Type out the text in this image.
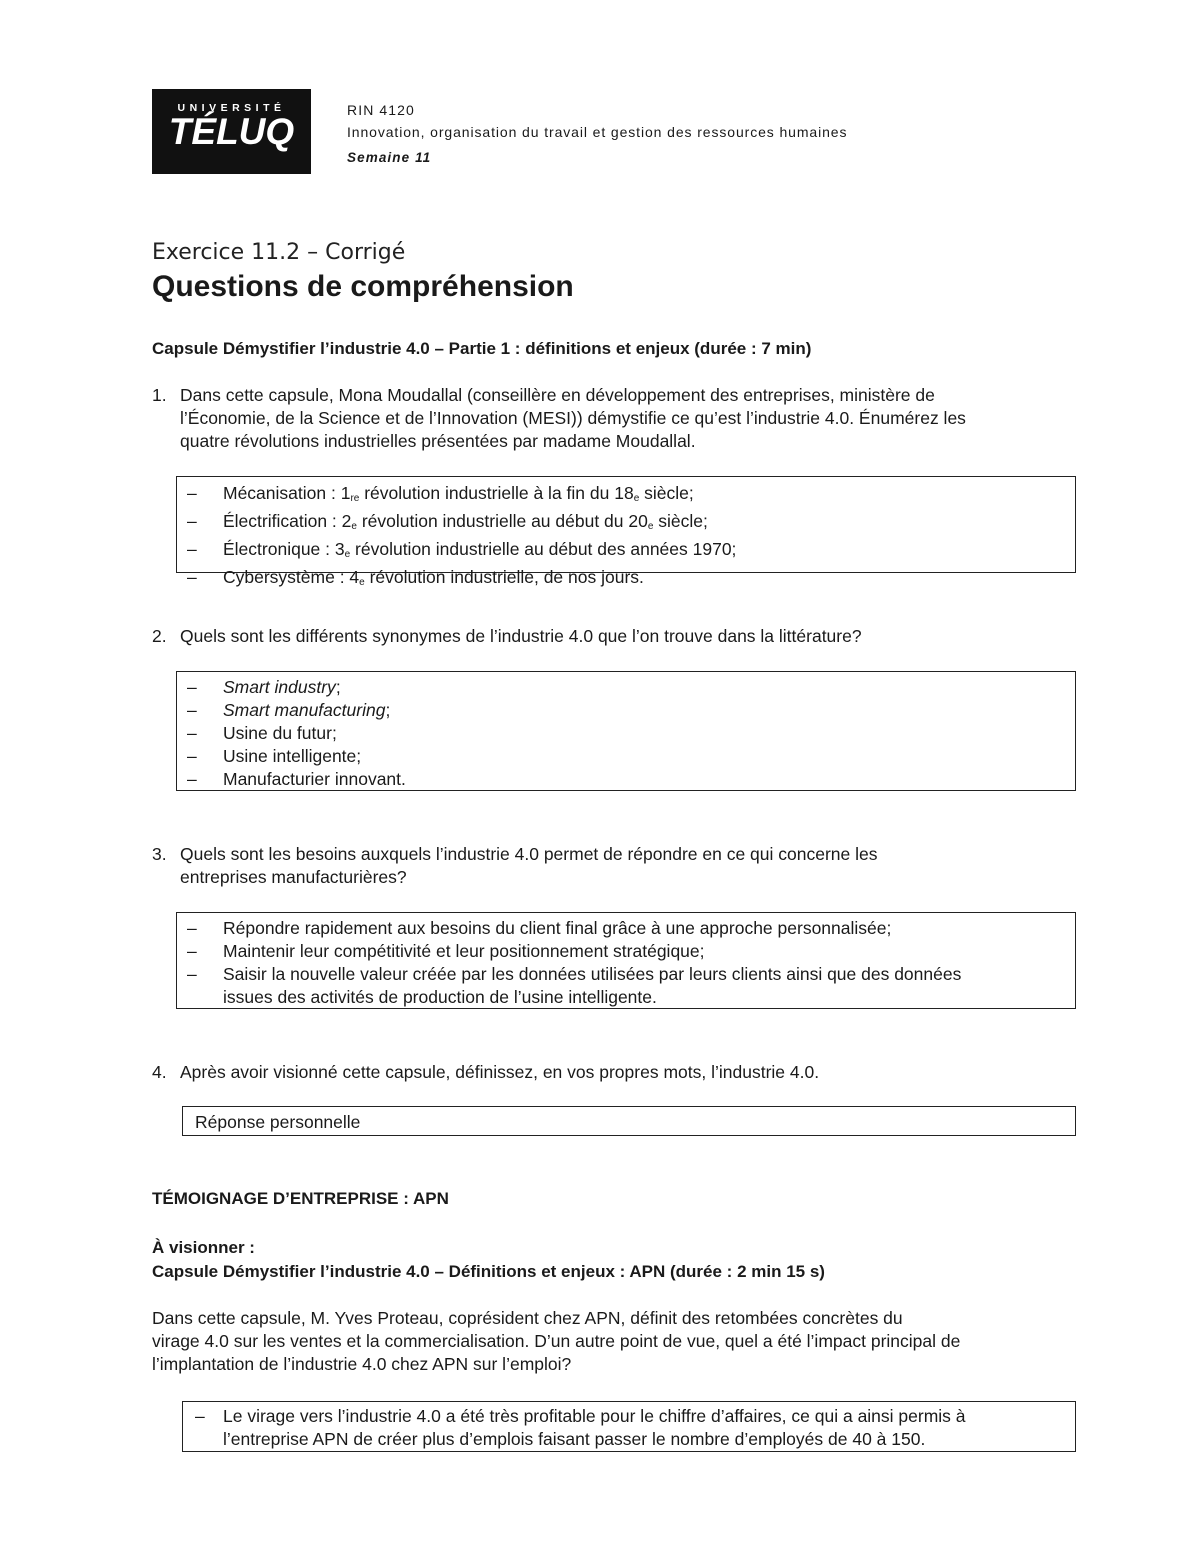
UNIVERSITÉ
TÉLUQ
RIN 4120
Innovation, organisation du travail et gestion des ressources humaines
Semaine 11
Exercice 11.2 – Corrigé
Questions de compréhension
Capsule Démystifier l’industrie 4.0 – Partie 1 : définitions et enjeux (durée : 7 min)
1. Dans cette capsule, Mona Moudallal (conseillère en développement des entreprises, ministère de
l’Économie, de la Science et de l’Innovation (MESI)) démystifie ce qu’est l’industrie 4.0. Énumérez les
quatre révolutions industrielles présentées par madame Moudallal.
– Mécanisation : 1re révolution industrielle à la fin du 18e siècle;
– Électrification : 2e révolution industrielle au début du 20e siècle;
– Électronique : 3e révolution industrielle au début des années 1970;
– Cybersystème : 4e révolution industrielle, de nos jours.
2. Quels sont les différents synonymes de l’industrie 4.0 que l’on trouve dans la littérature?
– Smart industry;
– Smart manufacturing;
– Usine du futur;
– Usine intelligente;
– Manufacturier innovant.
3. Quels sont les besoins auxquels l’industrie 4.0 permet de répondre en ce qui concerne les
entreprises manufacturières?
– Répondre rapidement aux besoins du client final grâce à une approche personnalisée;
– Maintenir leur compétitivité et leur positionnement stratégique;
– Saisir la nouvelle valeur créée par les données utilisées par leurs clients ainsi que des données
issues des activités de production de l’usine intelligente.
4. Après avoir visionné cette capsule, définissez, en vos propres mots, l’industrie 4.0.
Réponse personnelle
TÉMOIGNAGE D’ENTREPRISE : APN
À visionner :
Capsule Démystifier l’industrie 4.0 – Définitions et enjeux : APN (durée : 2 min 15 s)
Dans cette capsule, M. Yves Proteau, coprésident chez APN, définit des retombées concrètes du
virage 4.0 sur les ventes et la commercialisation. D’un autre point de vue, quel a été l’impact principal de
l’implantation de l’industrie 4.0 chez APN sur l’emploi?
– Le virage vers l’industrie 4.0 a été très profitable pour le chiffre d’affaires, ce qui a ainsi permis à
l’entreprise APN de créer plus d’emplois faisant passer le nombre d’employés de 40 à 150.
